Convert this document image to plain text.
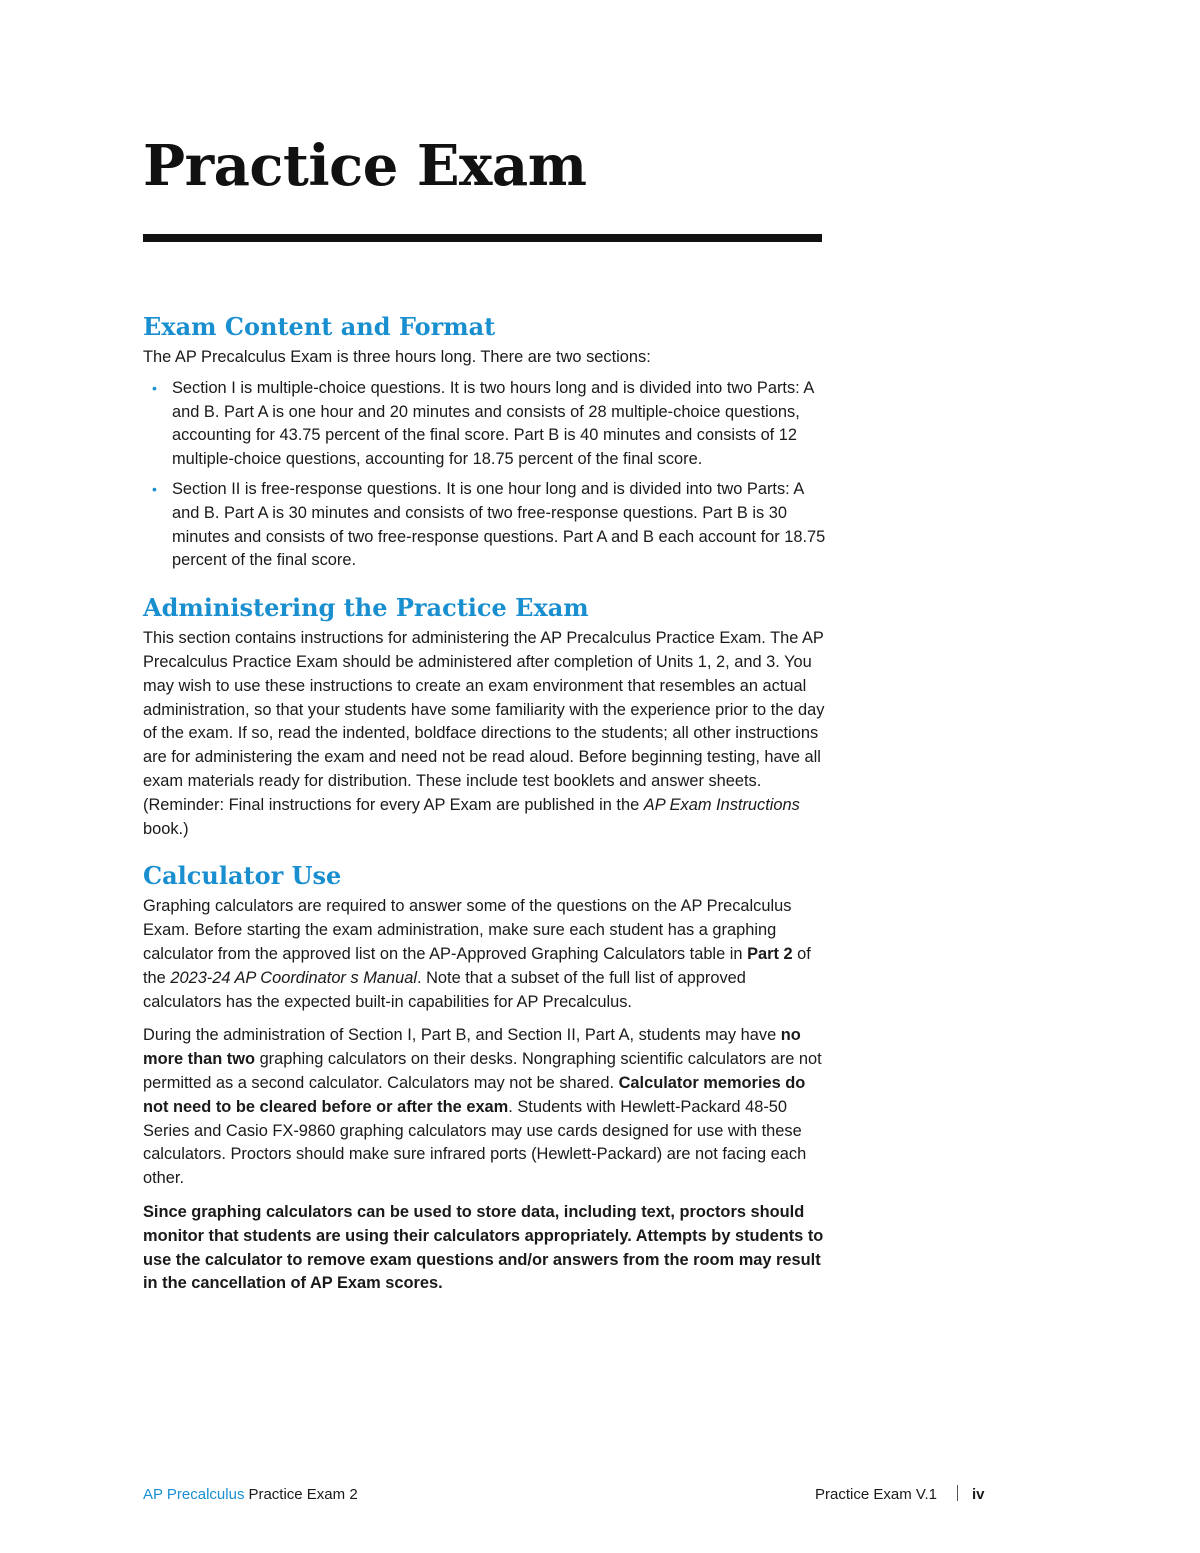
Practice Exam
Exam Content and Format

The AP Precalculus Exam is three hours long. There are two sections:

• Section I is multiple-choice questions. It is two hours long and is divided into two Parts: A and B. Part A is one hour and 20 minutes and consists of 28 multiple-choice questions, accounting for 43.75 percent of the final score. Part B is 40 minutes and consists of 12 multiple-choice questions, accounting for 18.75 percent of the final score.
• Section II is free-response questions. It is one hour long and is divided into two Parts: A and B. Part A is 30 minutes and consists of two free-response questions. Part B is 30 minutes and consists of two free-response questions. Part A and B each account for 18.75 percent of the final score.
Administering the Practice Exam

This section contains instructions for administering the AP Precalculus Practice Exam. The AP Precalculus Practice Exam should be administered after completion of Units 1, 2, and 3. You may wish to use these instructions to create an exam environment that resembles an actual administration, so that your students have some familiarity with the experience prior to the day of the exam. If so, read the indented, boldface directions to the students; all other instructions are for administering the exam and need not be read aloud. Before beginning testing, have all exam materials ready for distribution. These include test booklets and answer sheets. (Reminder: Final instructions for every AP Exam are published in the AP Exam Instructions book.)

Calculator Use

Graphing calculators are required to answer some of the questions on the AP Precalculus Exam. Before starting the exam administration, make sure each student has a graphing calculator from the approved list on the AP-Approved Graphing Calculators table in Part 2 of the 2023-24 AP Coordinator s Manual. Note that a subset of the full list of approved calculators has the expected built-in capabilities for AP Precalculus.

During the administration of Section I, Part B, and Section II, Part A, students may have no more than two graphing calculators on their desks. Nongraphing scientific calculators are not permitted as a second calculator. Calculators may not be shared. Calculator memories do not need to be cleared before or after the exam. Students with Hewlett-Packard 48-50 Series and Casio FX-9860 graphing calculators may use cards designed for use with these calculators. Proctors should make sure infrared ports (Hewlett-Packard) are not facing each other.

Since graphing calculators can be used to store data, including text, proctors should monitor that students are using their calculators appropriately. Attempts by students to use the calculator to remove exam questions and/or answers from the room may result in the cancellation of AP Exam scores.

AP Precalculus Practice Exam 2	Practice Exam V.1 iv
